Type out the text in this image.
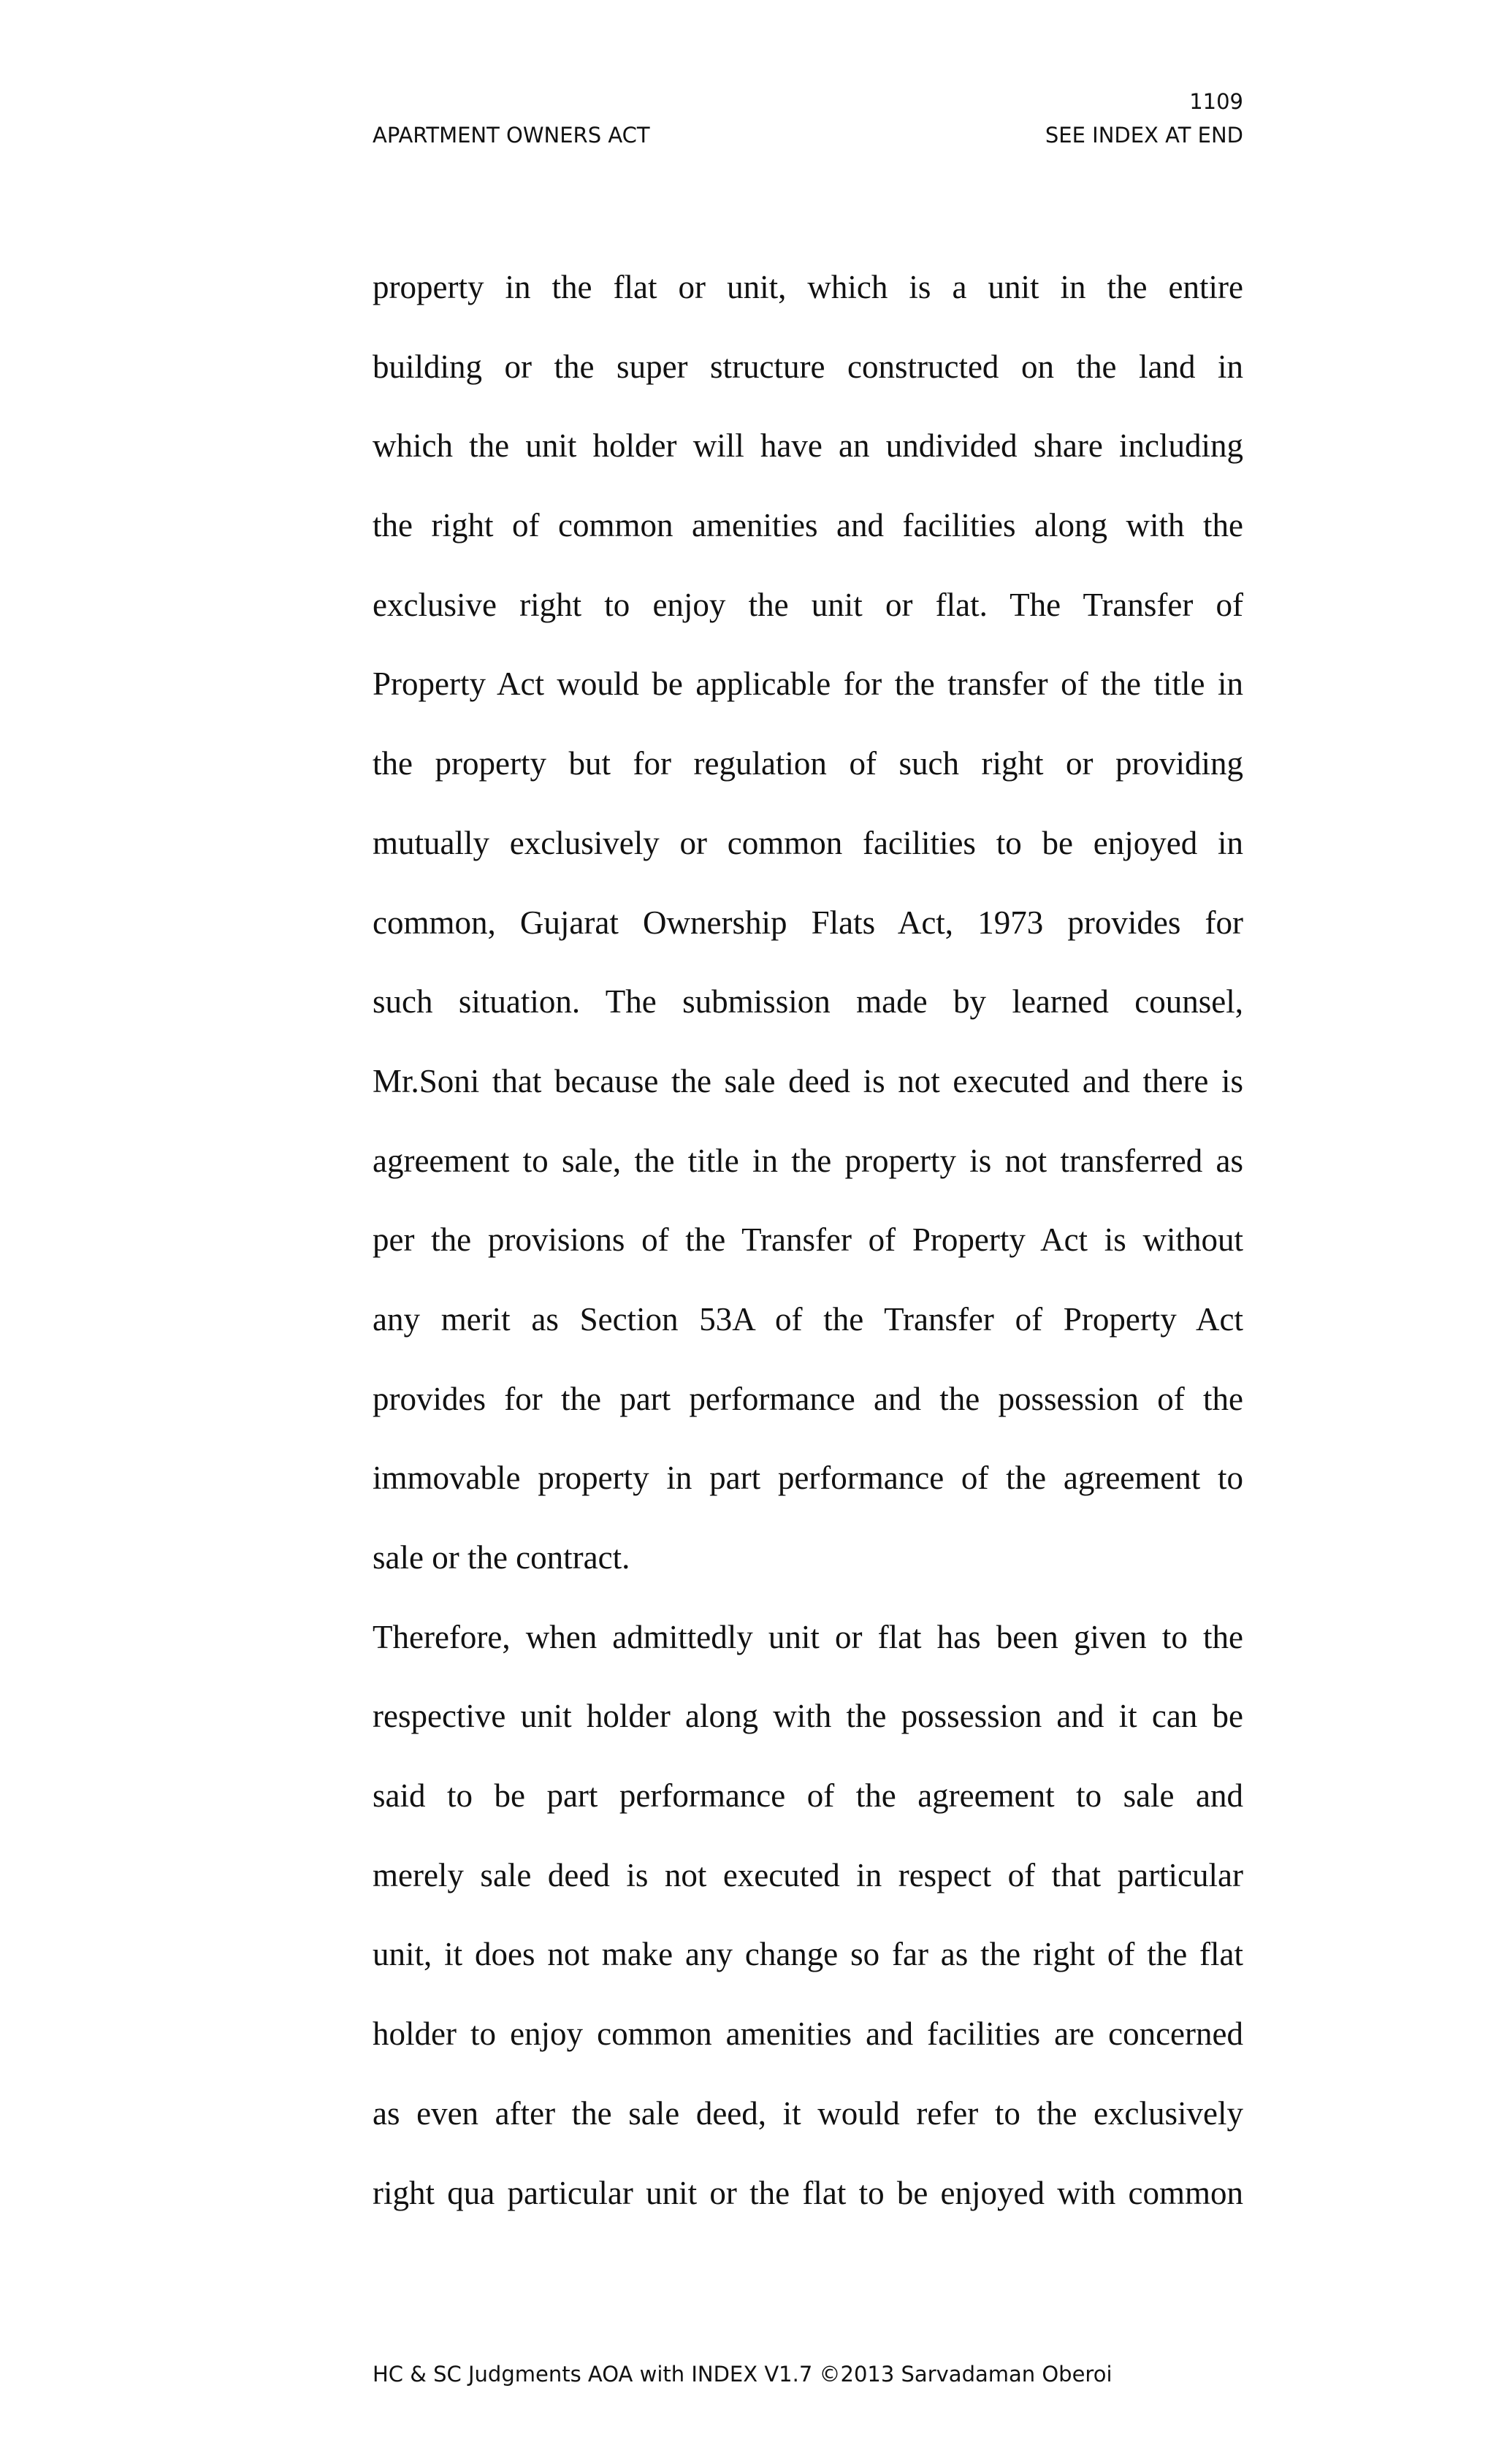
1109
APARTMENT OWNERS ACT	SEE INDEX AT END
property in the flat or unit, which is a unit in the entire
building or the super structure constructed on the land in
which the unit holder will have an undivided share including
the right of common amenities and facilities along with the
exclusive right to enjoy the unit or flat. The Transfer of
Property Act would be applicable for the transfer of the title in
the property but for regulation of such right or providing
mutually exclusively or common facilities to be enjoyed in
common, Gujarat Ownership Flats Act, 1973 provides for
such situation. The submission made by learned counsel,
Mr.Soni that because the sale deed is not executed and there is
agreement to sale, the title in the property is not transferred as
per the provisions of the Transfer of Property Act is without
any merit as Section 53A of the Transfer of Property Act
provides for the part performance and the possession of the
immovable property in part performance of the agreement to
sale or the contract.
Therefore, when admittedly unit or flat has been given to the
respective unit holder along with the possession and it can be
said to be part performance of the agreement to sale and
merely sale deed is not executed in respect of that particular
unit, it does not make any change so far as the right of the flat
holder to enjoy common amenities and facilities are concerned
as even after the sale deed, it would refer to the exclusively
right qua particular unit or the flat to be enjoyed with common
HC & SC Judgments AOA with INDEX V1.7 ©2013 Sarvadaman Oberoi
